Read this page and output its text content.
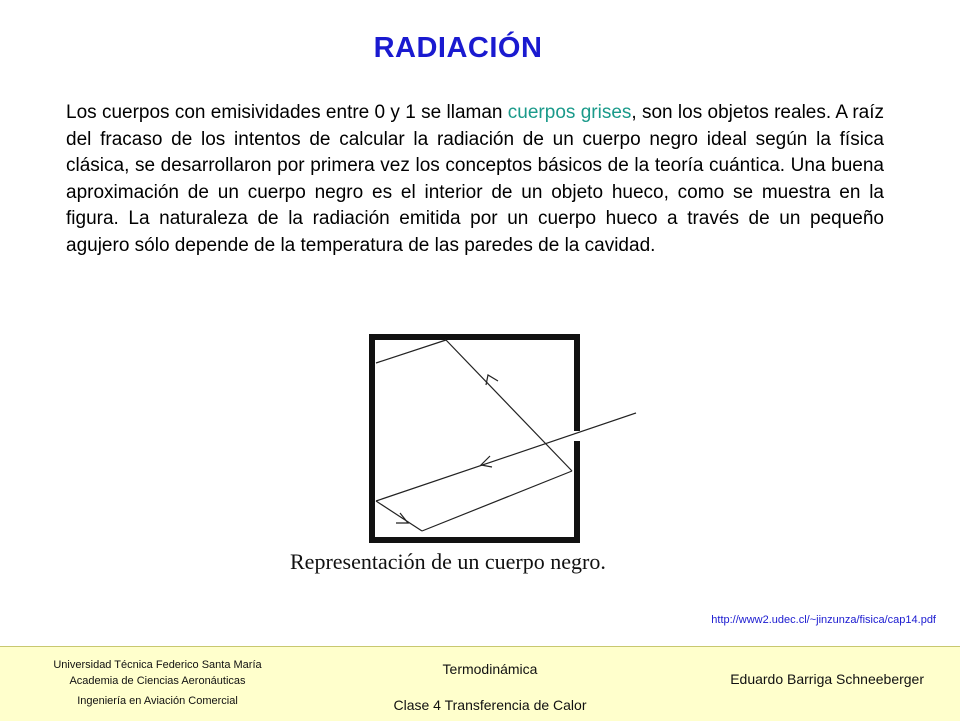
RADIACIÓN

Los cuerpos con emisividades entre 0 y 1 se llaman cuerpos grises, son los objetos reales. A raíz del fracaso de los intentos de calcular la radiación de un cuerpo negro ideal según la física clásica, se desarrollaron por primera vez los conceptos básicos de la teoría cuántica. Una buena aproximación de un cuerpo negro es el interior de un objeto hueco, como se muestra en la figura. La naturaleza de la radiación emitida por un cuerpo hueco a través de un pequeño agujero sólo depende de la temperatura de las paredes de la cavidad.

Representación de un cuerpo negro.
http://www2.udec.cl/~jinzunza/fisica/cap14.pdf
Universidad Técnica Federico Santa María
Academia de Ciencias Aeronáuticas
Ingeniería en Aviación Comercial
Termodinámica
Clase 4 Transferencia de Calor
Eduardo Barriga Schneeberger
